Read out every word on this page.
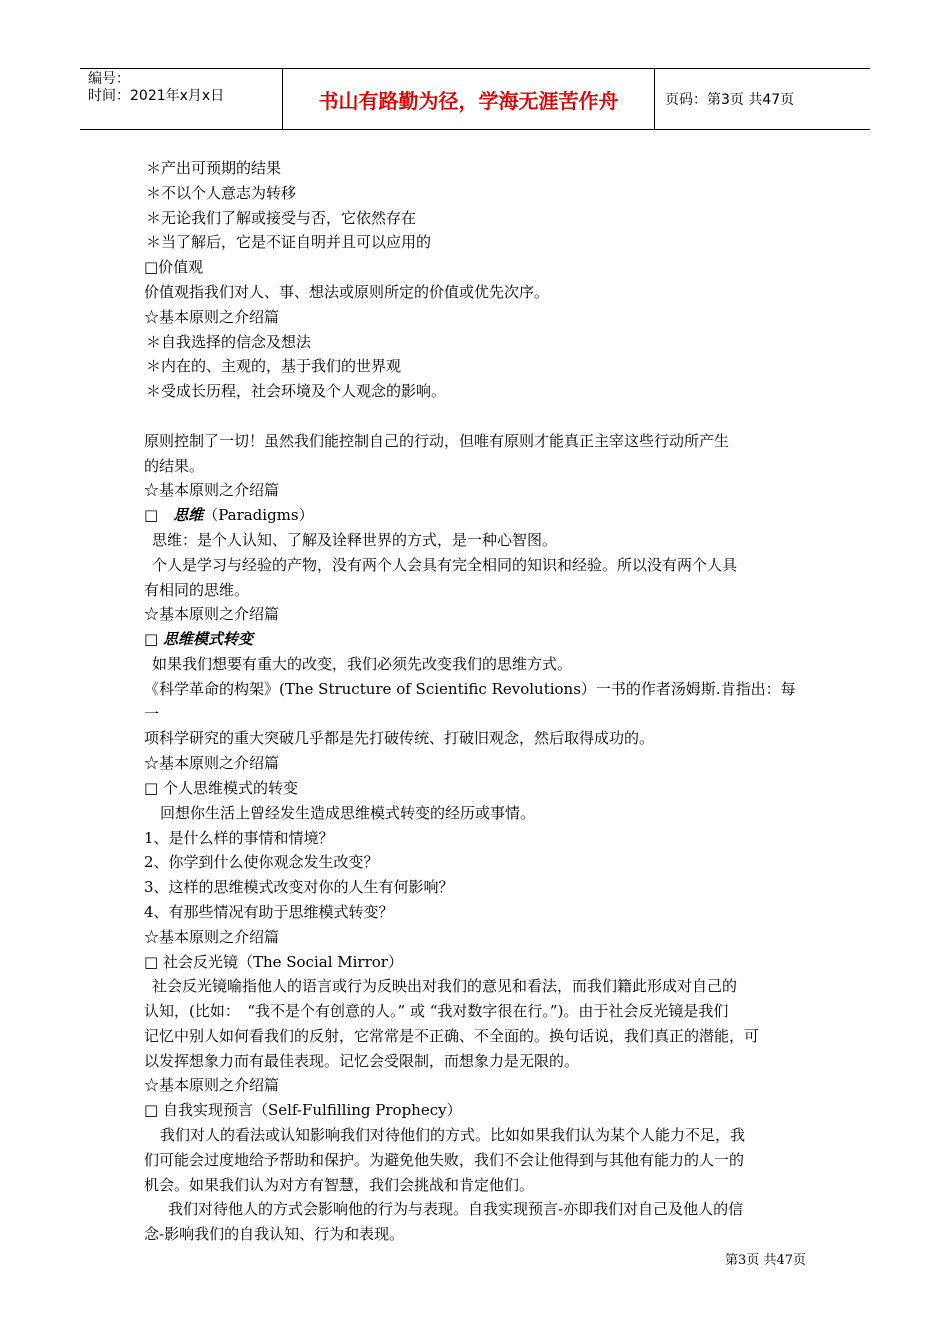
编号：
时间：2021年x月x日	书山有路勤为径，学海无涯苦作舟	页码：第3页 共47页

＊产出可预期的结果

＊不以个人意志为转移

＊无论我们了解或接受与否，它依然存在

＊当了解后，它是不证自明并且可以应用的

□价值观

价值观指我们对人、事、想法或原则所定的价值或优先次序。

☆基本原则之介绍篇

＊自我选择的信念及想法

＊内在的、主观的，基于我们的世界观

＊受成长历程，社会环境及个人观念的影响。

原则控制了一切！虽然我们能控制自己的行动，但唯有原则才能真正主宰这些行动所产生

的结果。

☆基本原则之介绍篇

□　思维（Paradigms）

思维：是个人认知、了解及诠释世界的方式，是一种心智图。

个人是学习与经验的产物，没有两个人会具有完全相同的知识和经验。所以没有两个人具

有相同的思维。

☆基本原则之介绍篇

□ 思维模式转变

如果我们想要有重大的改变，我们必须先改变我们的思维方式。

《科学革命的构架》(The Structure of Scientific Revolutions）一书的作者汤姆斯.肯指出：每一

项科学研究的重大突破几乎都是先打破传统、打破旧观念，然后取得成功的。

☆基本原则之介绍篇

□ 个人思维模式的转变

回想你生活上曾经发生造成思维模式转变的经历或事情。

1、是什么样的事情和情境？

2、你学到什么使你观念发生改变？

3、这样的思维模式改变对你的人生有何影响？

4、有那些情况有助于思维模式转变？

☆基本原则之介绍篇

□ 社会反光镜（The Social Mirror）

社会反光镜喻指他人的语言或行为反映出对我们的意见和看法，而我们籍此形成对自己的

认知，(比如：　“我不是个有创意的人。” 或 “我对数字很在行。”)。由于社会反光镜是我们

记忆中别人如何看我们的反射，它常常是不正确、不全面的。换句话说，我们真正的潜能，可

以发挥想象力而有最佳表现。记忆会受限制，而想象力是无限的。

☆基本原则之介绍篇

□ 自我实现预言（Self-Fulfilling Prophecy）

我们对人的看法或认知影响我们对待他们的方式。比如如果我们认为某个人能力不足，我

们可能会过度地给予帮助和保护。为避免他失败，我们不会让他得到与其他有能力的人一的

机会。如果我们认为对方有智慧，我们会挑战和肯定他们。

我们对待他人的方式会影响他的行为与表现。自我实现预言-亦即我们对自己及他人的信

念-影响我们的自我认知、行为和表现。

第3页 共47页
